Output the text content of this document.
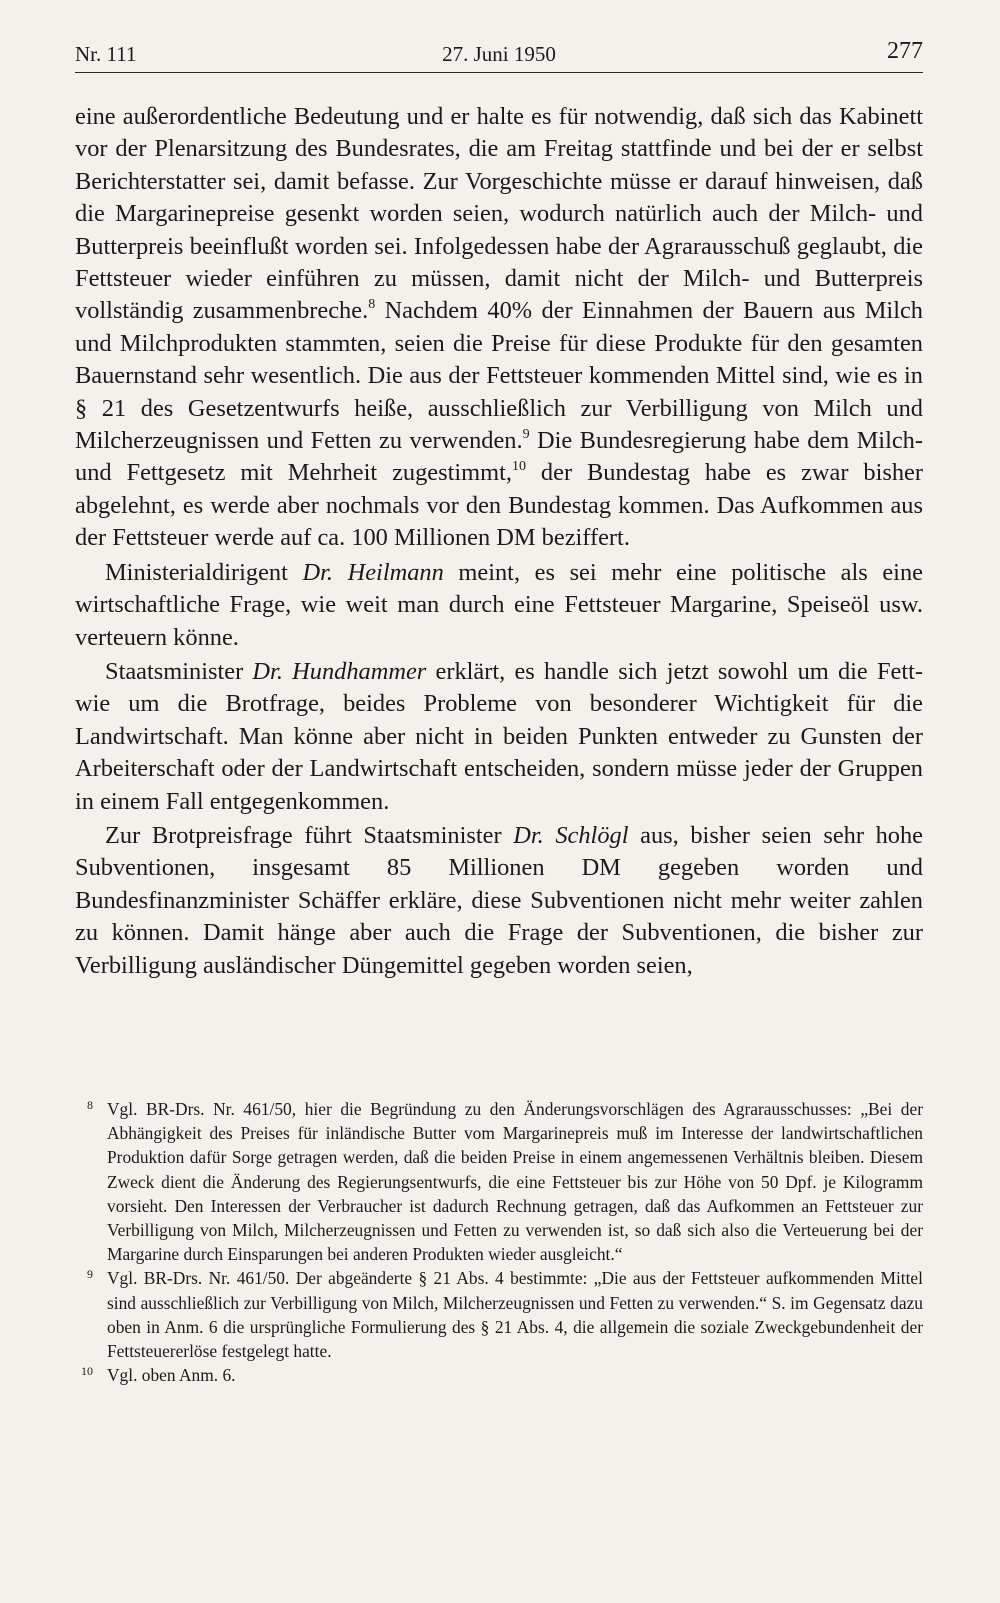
Nr. 111	27. Juni 1950	277

eine außerordentliche Bedeutung und er halte es für notwendig, daß sich das Kabinett vor der Plenarsitzung des Bundesrates, die am Freitag stattfinde und bei der er selbst Berichterstatter sei, damit befasse. Zur Vorgeschichte müsse er darauf hinweisen, daß die Margarinepreise gesenkt worden seien, wodurch natürlich auch der Milch- und Butterpreis beeinflußt worden sei. Infolgedessen habe der Agrarausschuß geglaubt, die Fettsteuer wieder einführen zu müssen, damit nicht der Milch- und Butterpreis vollständig zusammenbreche.$^8$ Nachdem 40% der Einnahmen der Bauern aus Milch und Milchprodukten stammten, seien die Preise für diese Produkte für den gesamten Bauernstand sehr wesentlich. Die aus der Fettsteuer kommenden Mittel sind, wie es in § 21 des Gesetzentwurfs heiße, ausschließlich zur Verbilligung von Milch und Milcherzeugnissen und Fetten zu verwenden.$^9$ Die Bundesregierung habe dem Milch- und Fettgesetz mit Mehrheit zugestimmt,$^{10}$ der Bundestag habe es zwar bisher abgelehnt, es werde aber nochmals vor den Bundestag kommen. Das Aufkommen aus der Fettsteuer werde auf ca. 100 Millionen DM beziffert.

Ministerialdirigent Dr. Heilmann meint, es sei mehr eine politische als eine wirtschaftliche Frage, wie weit man durch eine Fettsteuer Margarine, Speiseöl usw. verteuern könne.

Staatsminister Dr. Hundhammer erklärt, es handle sich jetzt sowohl um die Fett- wie um die Brotfrage, beides Probleme von besonderer Wichtigkeit für die Landwirtschaft. Man könne aber nicht in beiden Punkten entweder zu Gunsten der Arbeiterschaft oder der Landwirtschaft entscheiden, sondern müsse jeder der Gruppen in einem Fall entgegenkommen.

Zur Brotpreisfrage führt Staatsminister Dr. Schlögl aus, bisher seien sehr hohe Subventionen, insgesamt 85 Millionen DM gegeben worden und Bundesfinanzminister Schäffer erkläre, diese Subventionen nicht mehr weiter zahlen zu können. Damit hänge aber auch die Frage der Subventionen, die bisher zur Verbilligung ausländischer Düngemittel gegeben worden seien,

8 Vgl. BR-Drs. Nr. 461/50, hier die Begründung zu den Änderungsvorschlägen des Agrarausschusses: „Bei der Abhängigkeit des Preises für inländische Butter vom Margarinepreis muß im Interesse der landwirtschaftlichen Produktion dafür Sorge getragen werden, daß die beiden Preise in einem angemessenen Verhältnis bleiben. Diesem Zweck dient die Änderung des Regierungsentwurfs, die eine Fettsteuer bis zur Höhe von 50 Dpf. je Kilogramm vorsieht. Den Interessen der Verbraucher ist dadurch Rechnung getragen, daß das Aufkommen an Fettsteuer zur Verbilligung von Milch, Milcherzeugnissen und Fetten zu verwenden ist, so daß sich also die Verteuerung bei der Margarine durch Einsparungen bei anderen Produkten wieder ausgleicht.“

9 Vgl. BR-Drs. Nr. 461/50. Der abgeänderte § 21 Abs. 4 bestimmte: „Die aus der Fettsteuer aufkommenden Mittel sind ausschließlich zur Verbilligung von Milch, Milcherzeugnissen und Fetten zu verwenden.“ S. im Gegensatz dazu oben in Anm. 6 die ursprüngliche Formulierung des § 21 Abs. 4, die allgemein die soziale Zweckgebundenheit der Fettsteuererlöse festgelegt hatte.

10 Vgl. oben Anm. 6.
